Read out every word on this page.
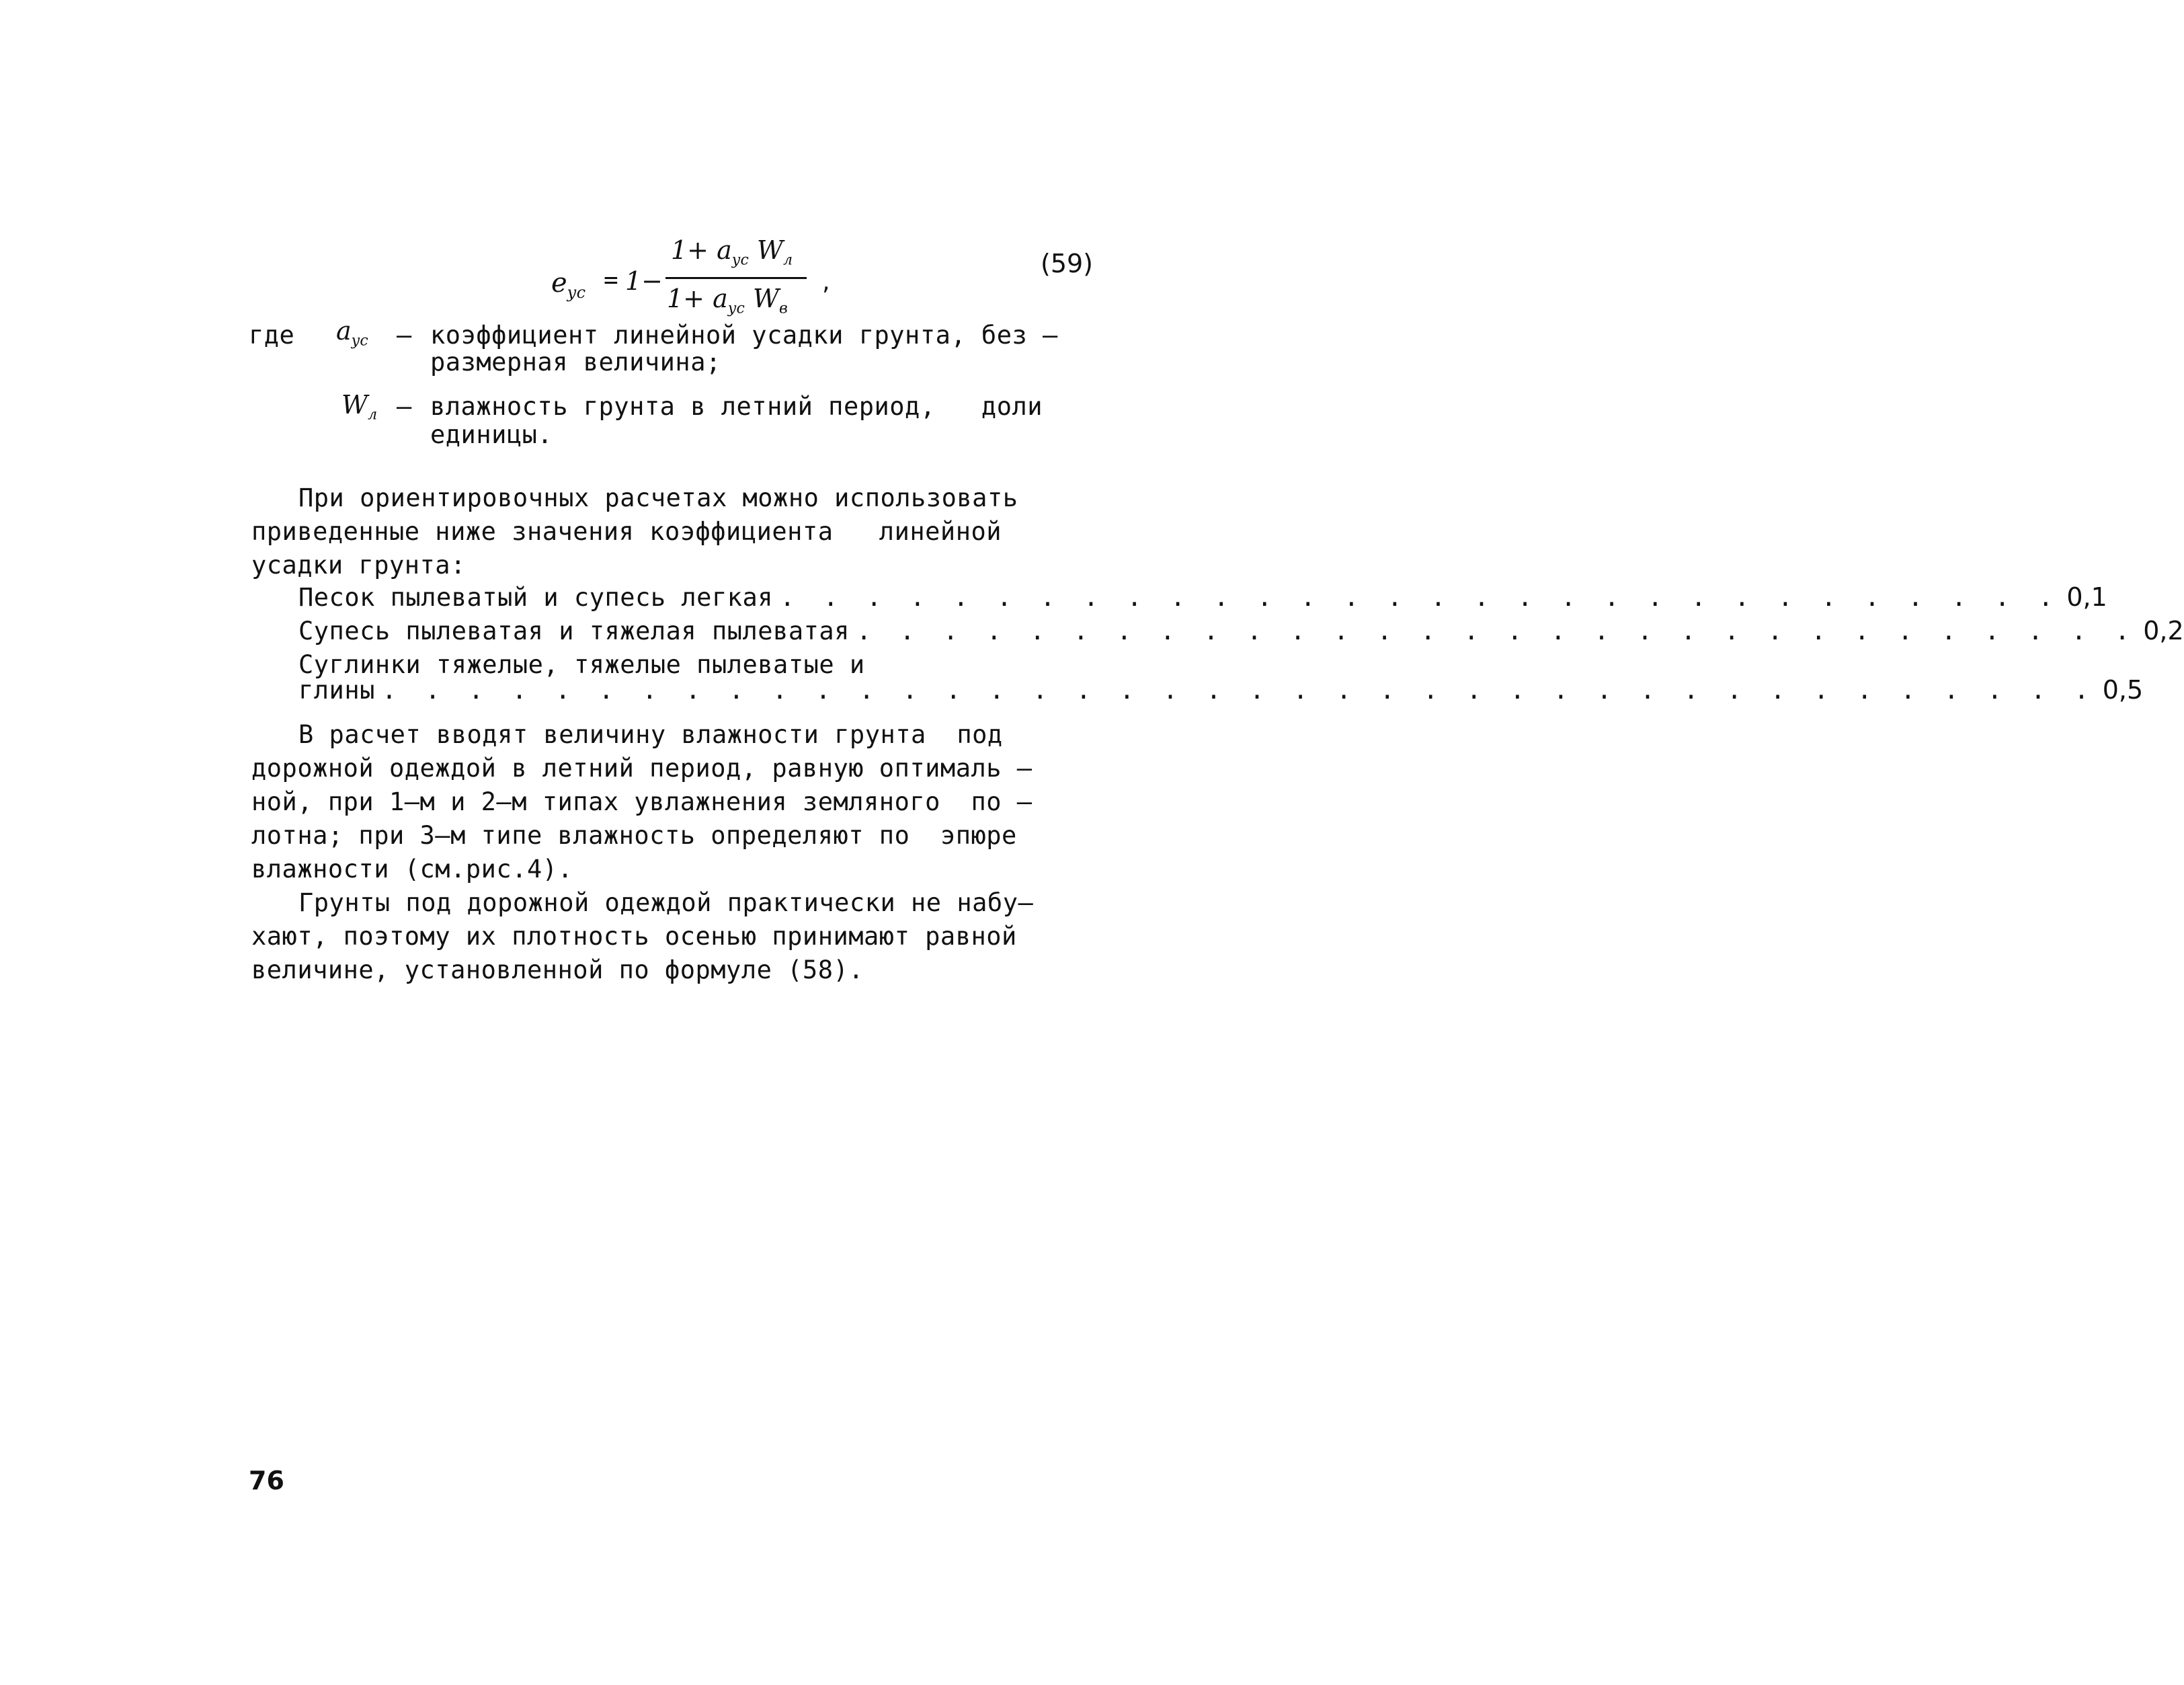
$e_{ус} = 1-$
$1+ a_{ус}$ $W_л$
$1+ a_{ус}$ $W_в$
,
(59)
где $a_{ус}$ – коэффициент линейной усадки грунта, без –
размерная величина;
$W_л$ – влажность грунта в летний период,   доли
единицы.
При ориентировочных расчетах можно использовать
приведенные ниже значения коэффициента   линейной
усадки грунта:
Песок пылеватый и супесь легкая . . . . . . . . . . . . . . . . . . . . . . . . . . . . . . 0,1
Супесь пылеватая и тяжелая пылеватая . . . . . . . . . . . . . . . . . . . . . . . . . . . . . . 0,2
Суглинки тяжелые, тяжелые пылеватые и
глины . . . . . . . . . . . . . . . . . . . . . . . . . . . . . . . . . . . . . . . . 0,5
В расчет вводят величину влажности грунта  под
дорожной одеждой в летний период, равную оптималь –
ной, при 1–м и 2–м типах увлажнения земляного  по –
лотна; при 3–м типе влажность определяют по  эпюре
влажности (см.рис.4).
Грунты под дорожной одеждой практически не набу–
хают, поэтому их плотность осенью принимают равной
величине, установленной по формуле (58).
76
